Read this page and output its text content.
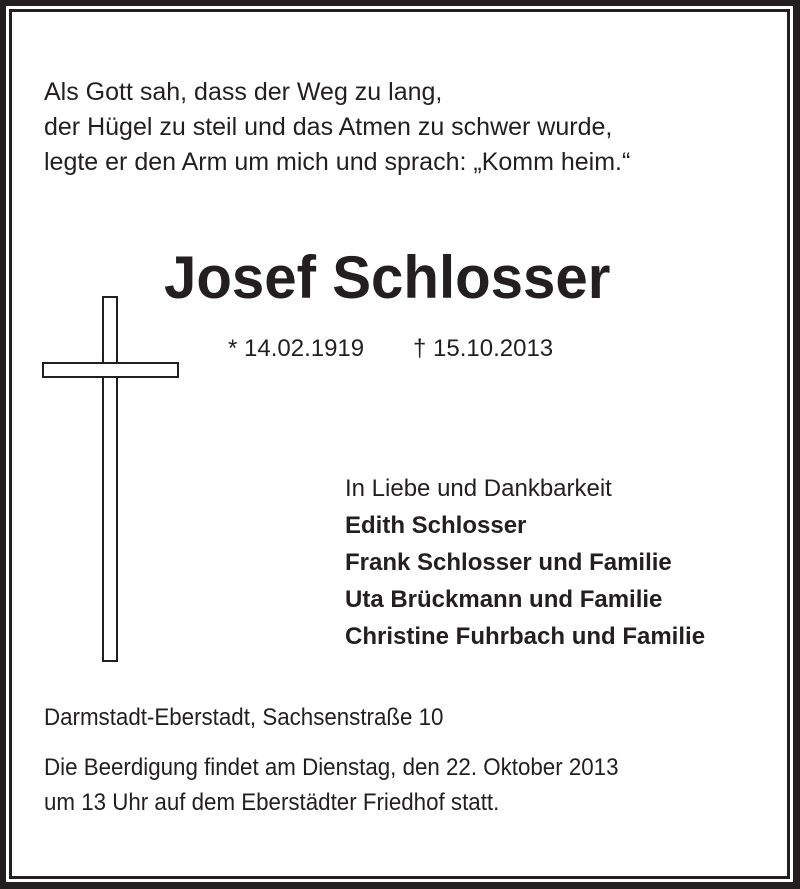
Als Gott sah, dass der Weg zu lang,
der Hügel zu steil und das Atmen zu schwer wurde,
legte er den Arm um mich und sprach: „Komm heim.“
Josef Schlosser
* 14.02.1919 † 15.10.2013
In Liebe und Dankbarkeit
Edith Schlosser
Frank Schlosser und Familie
Uta Brückmann und Familie
Christine Fuhrbach und Familie
Darmstadt-Eberstadt, Sachsenstraße 10
Die Beerdigung findet am Dienstag, den 22. Oktober 2013
um 13 Uhr auf dem Eberstädter Friedhof statt.
